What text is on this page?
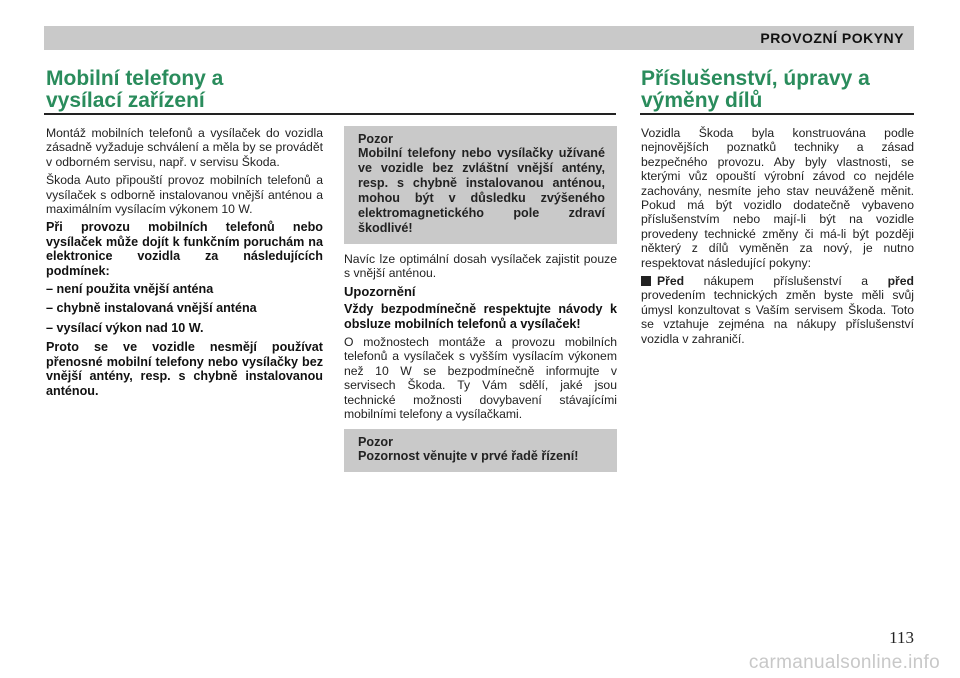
PROVOZNÍ POKYNY
Mobilní telefony a
vysílací zařízení

Montáž mobilních telefonů a vysílaček do vozidla zásadně vyžaduje schválení a měla by se provádět v odborném servisu, např. v servisu Škoda.

Škoda Auto připouští provoz mobilních telefonů a vysílaček s odborně instalovanou vnější anténou a maximálním vysílacím výkonem 10 W.

Při provozu mobilních telefonů nebo vysílaček může dojít k funkčním poruchám na elektronice vozidla za následujících podmínek:

– není použita vnější anténa
– chybně instalovaná vnější anténa
– vysílací výkon nad 10 W.

Proto se ve vozidle nesmějí používat přenosné mobilní telefony nebo vysílačky bez vnější antény, resp. s chybně instalovanou anténou.

Pozor
Mobilní telefony nebo vysílačky užívané ve vozidle bez zvláštní vnější antény, resp. s chybně instalovanou anténou, mohou být v důsledku zvýšeného elektromagnetického pole zdraví škodlivé!

Navíc lze optimální dosah vysílaček zajistit pouze s vnější anténou.

Upozornění

Vždy bezpodmínečně respektujte návody k obsluze mobilních telefonů a vysílaček!

O možnostech montáže a provozu mobilních telefonů a vysílaček s vyšším vysílacím výkonem než 10 W se bezpodmínečně informujte v servisech Škoda. Ty Vám sdělí, jaké jsou technické možnosti dovybavení stávajícími mobilními telefony a vysílačkami.

Pozor
Pozornost věnujte v prvé řadě řízení!
Příslušenství, úpravy a
výměny dílů

Vozidla Škoda byla konstruována podle nejnovějších poznatků techniky a zásad bezpečného provozu. Aby byly vlastnosti, se kterými vůz opouští výrobní závod co nejdéle zachovány, nesmíte jeho stav neuváženě měnit. Pokud má být vozidlo dodatečně vybaveno příslušenstvím nebo mají-li být na vozidle provedeny technické změny či má-li být později některý z dílů vyměněn za nový, je nutno respektovat následující pokyny:

Před nákupem příslušenství a před provedením technických změn byste měli svůj úmysl konzultovat s Vaším servisem Škoda. Toto se vztahuje zejména na nákupy příslušenství vozidla v zahraničí.

113
carmanualsonline.info
